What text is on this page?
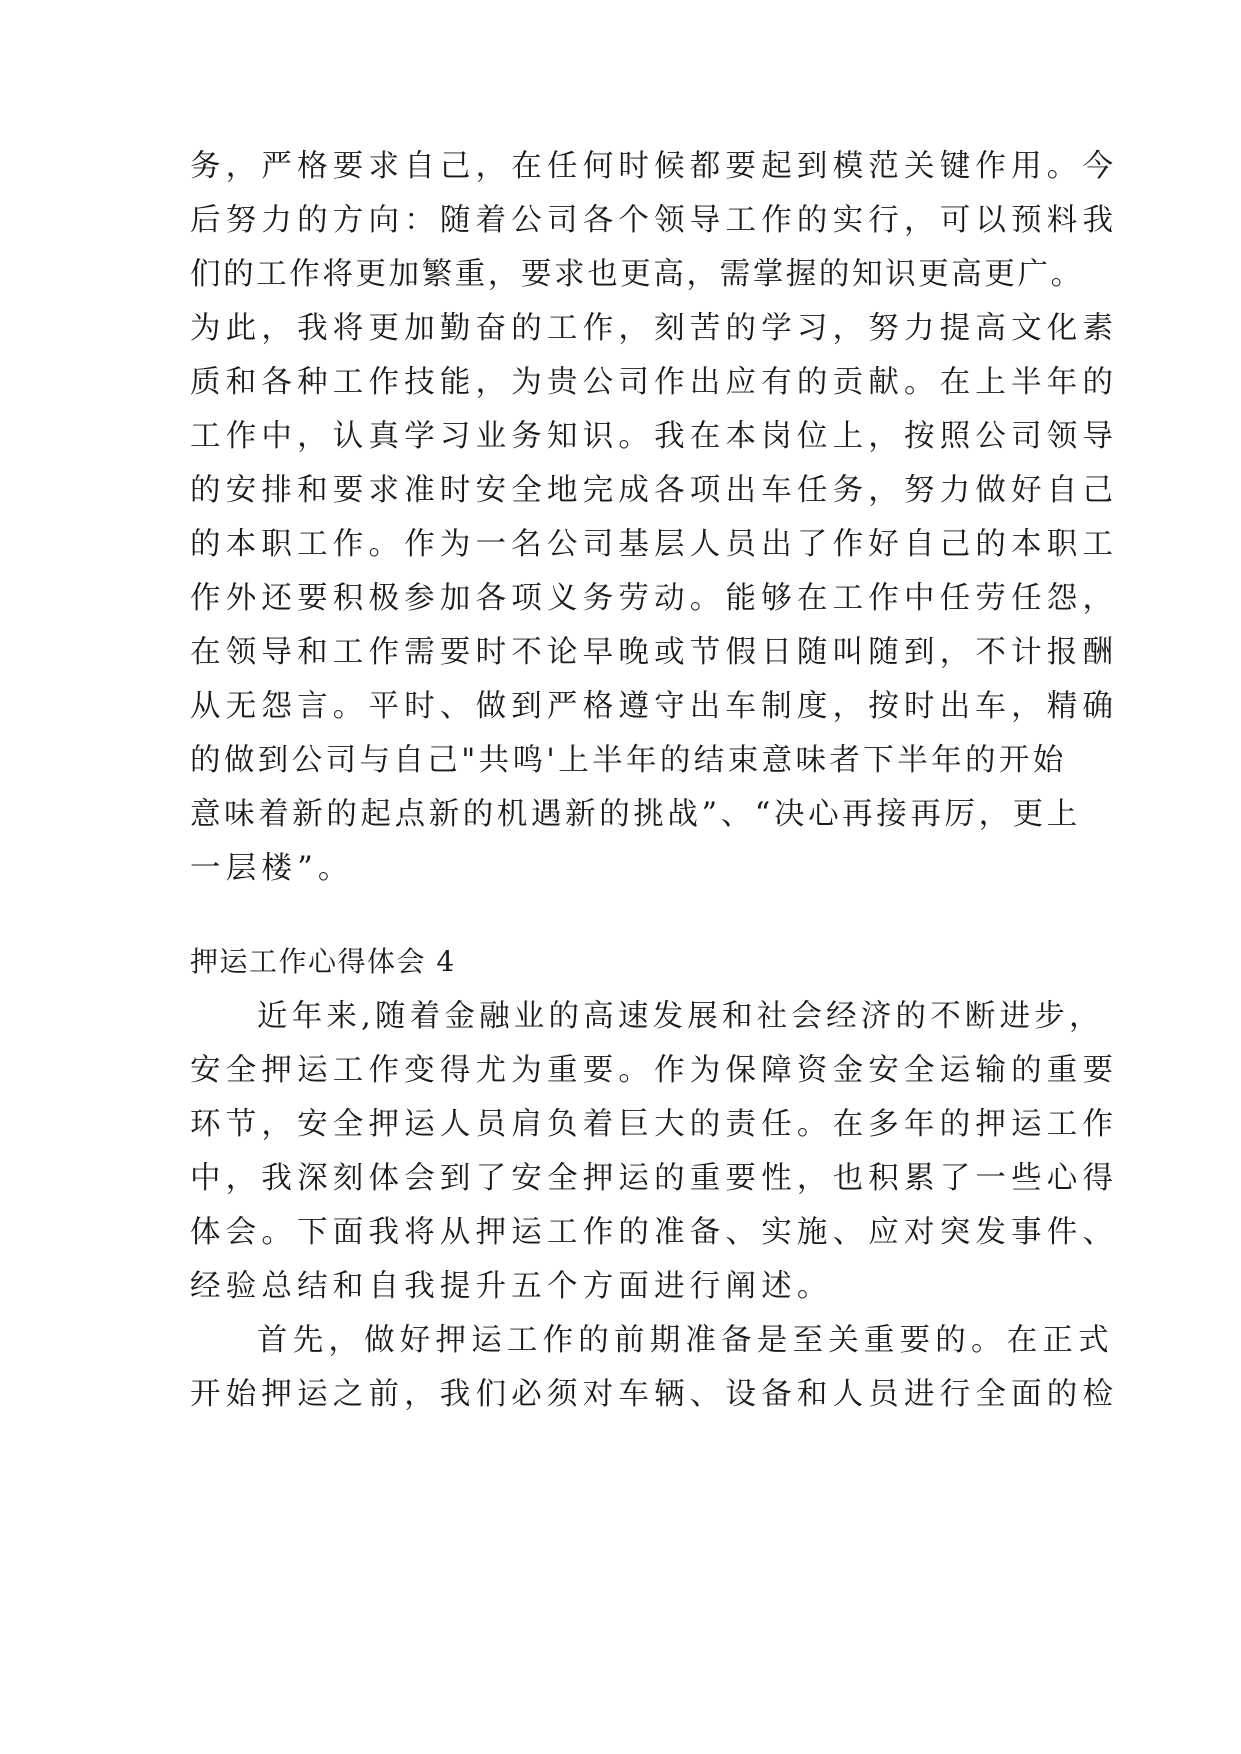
务，严格要求自己，在任何时候都要起到模范关键作用。今
后努力的方向：随着公司各个领导工作的实行，可以预料我
们的工作将更加繁重，要求也更高，需掌握的知识更高更广。
为此，我将更加勤奋的工作，刻苦的学习，努力提高文化素
质和各种工作技能，为贵公司作出应有的贡献。在上半年的
工作中，认真学习业务知识。我在本岗位上，按照公司领导
的安排和要求准时安全地完成各项出车任务，努力做好自己
的本职工作。作为一名公司基层人员出了作好自己的本职工
作外还要积极参加各项义务劳动。能够在工作中任劳任怨，
在领导和工作需要时不论早晚或节假日随叫随到，不计报酬
从无怨言。平时、做到严格遵守出车制度，按时出车，精确
的做到公司与自己"共鸣'上半年的结束意味者下半年的开始
意味着新的起点新的机遇新的挑战”、“决心再接再厉，更上
一层楼”。
押运工作心得体会 4
近年来,随着金融业的高速发展和社会经济的不断进步，
安全押运工作变得尤为重要。作为保障资金安全运输的重要
环节，安全押运人员肩负着巨大的责任。在多年的押运工作
中，我深刻体会到了安全押运的重要性，也积累了一些心得
体会。下面我将从押运工作的准备、实施、应对突发事件、
经验总结和自我提升五个方面进行阐述。
首先，做好押运工作的前期准备是至关重要的。在正式
开始押运之前，我们必须对车辆、设备和人员进行全面的检
